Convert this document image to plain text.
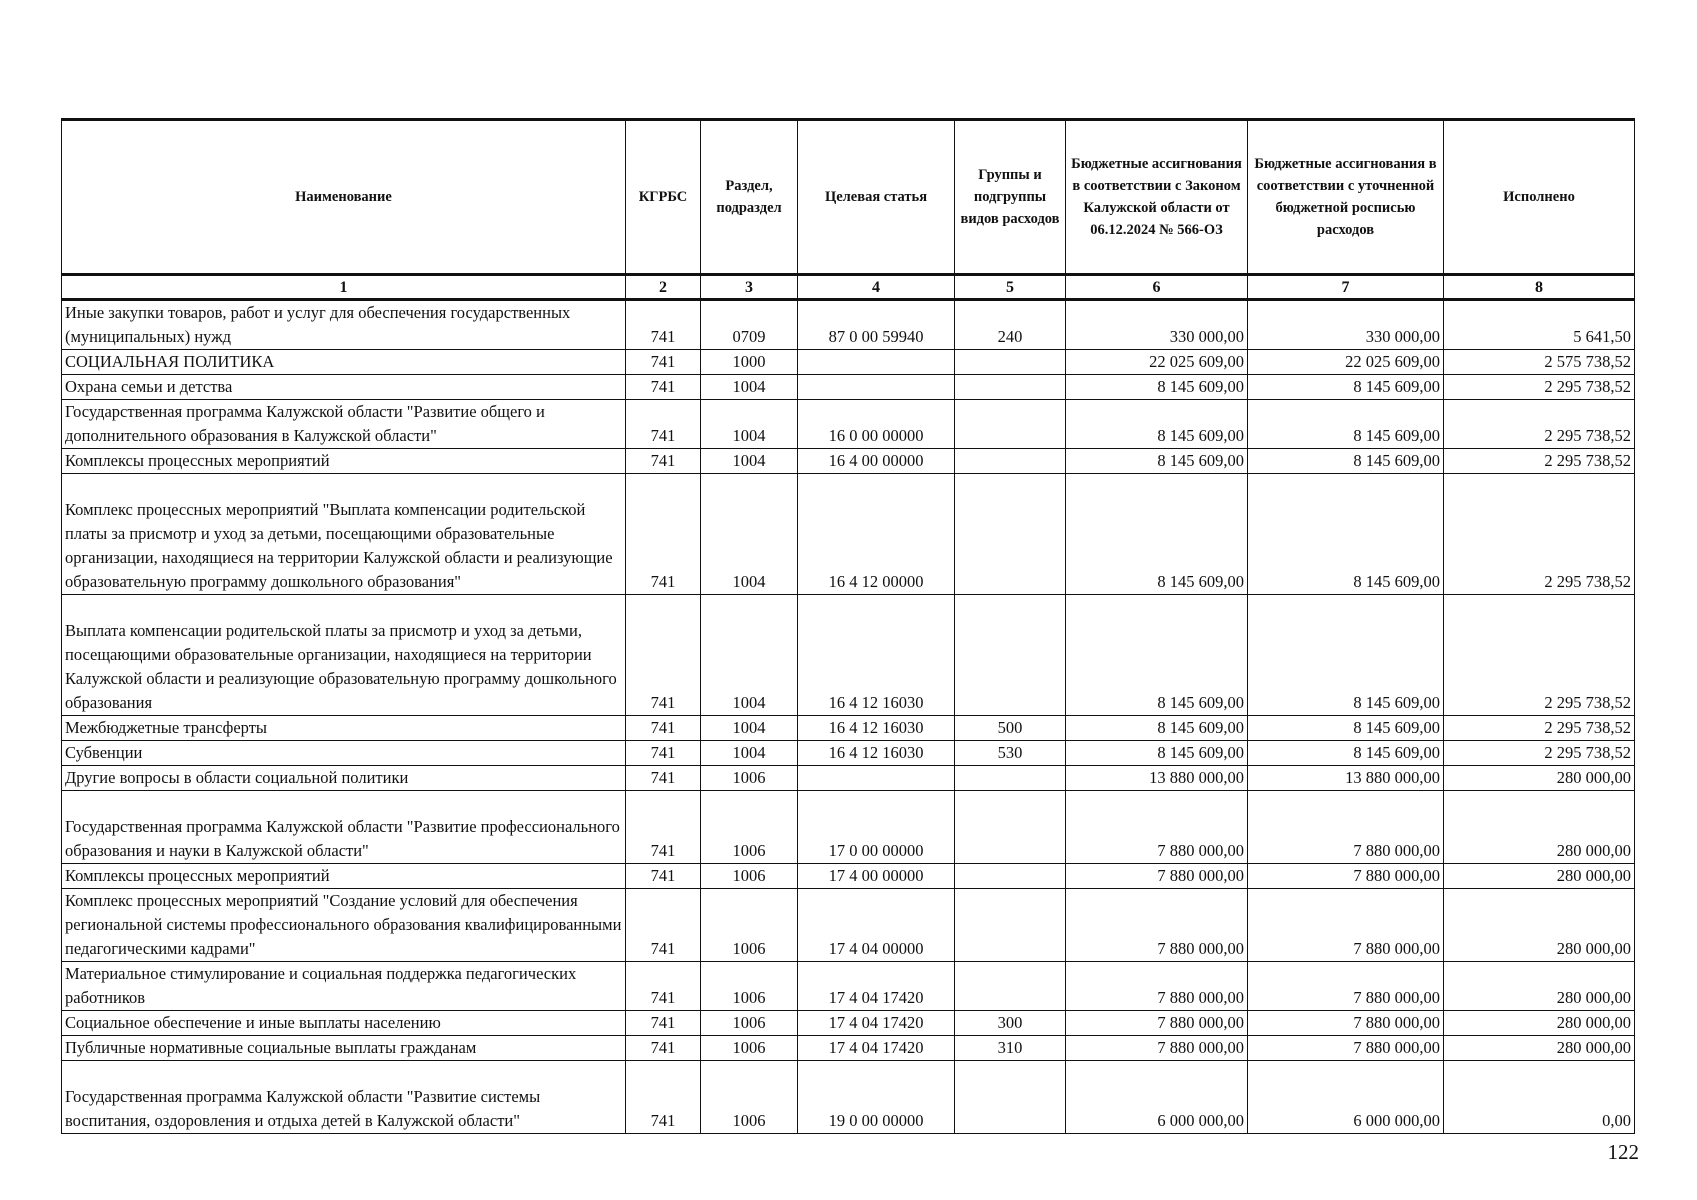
Наименование	КГРБС	Раздел, подраздел	Целевая статья	Группы и подгруппы видов расходов	Бюджетные ассигнования в соответствии с Законом Калужской области от 06.12.2024 № 566-ОЗ	Бюджетные ассигнования в соответствии с уточненной бюджетной росписью расходов	Исполнено
1	2	3	4	5	6	7	8
Иные закупки товаров, работ и услуг для обеспечения государственных (муниципальных) нужд	741	0709	87 0 00 59940	240	330 000,00	330 000,00	5 641,50
СОЦИАЛЬНАЯ ПОЛИТИКА	741	1000			22 025 609,00	22 025 609,00	2 575 738,52
Охрана семьи и детства	741	1004			8 145 609,00	8 145 609,00	2 295 738,52
Государственная программа Калужской области "Развитие общего и дополнительного образования в Калужской области"	741	1004	16 0 00 00000		8 145 609,00	8 145 609,00	2 295 738,52
Комплексы процессных мероприятий	741	1004	16 4 00 00000		8 145 609,00	8 145 609,00	2 295 738,52
Комплекс процессных мероприятий "Выплата компенсации родительской платы за присмотр и уход за детьми, посещающими образовательные организации, находящиеся на территории Калужской области и реализующие образовательную программу дошкольного образования"	741	1004	16 4 12 00000		8 145 609,00	8 145 609,00	2 295 738,52
Выплата компенсации родительской платы за присмотр и уход за детьми, посещающими образовательные организации, находящиеся на территории Калужской области и реализующие образовательную программу дошкольного образования	741	1004	16 4 12 16030		8 145 609,00	8 145 609,00	2 295 738,52
Межбюджетные трансферты	741	1004	16 4 12 16030	500	8 145 609,00	8 145 609,00	2 295 738,52
Субвенции	741	1004	16 4 12 16030	530	8 145 609,00	8 145 609,00	2 295 738,52
Другие вопросы в области социальной политики	741	1006			13 880 000,00	13 880 000,00	280 000,00
Государственная программа Калужской области "Развитие профессионального образования и науки в Калужской области"	741	1006	17 0 00 00000		7 880 000,00	7 880 000,00	280 000,00
Комплексы процессных мероприятий	741	1006	17 4 00 00000		7 880 000,00	7 880 000,00	280 000,00
Комплекс процессных мероприятий "Создание условий для обеспечения региональной системы профессионального образования квалифицированными педагогическими кадрами"	741	1006	17 4 04 00000		7 880 000,00	7 880 000,00	280 000,00
Материальное стимулирование и социальная поддержка педагогических работников	741	1006	17 4 04 17420		7 880 000,00	7 880 000,00	280 000,00
Социальное обеспечение и иные выплаты населению	741	1006	17 4 04 17420	300	7 880 000,00	7 880 000,00	280 000,00
Публичные нормативные социальные выплаты гражданам	741	1006	17 4 04 17420	310	7 880 000,00	7 880 000,00	280 000,00
Государственная программа Калужской области "Развитие системы воспитания, оздоровления и отдыха детей в Калужской области"	741	1006	19 0 00 00000		6 000 000,00	6 000 000,00	0,00
122
